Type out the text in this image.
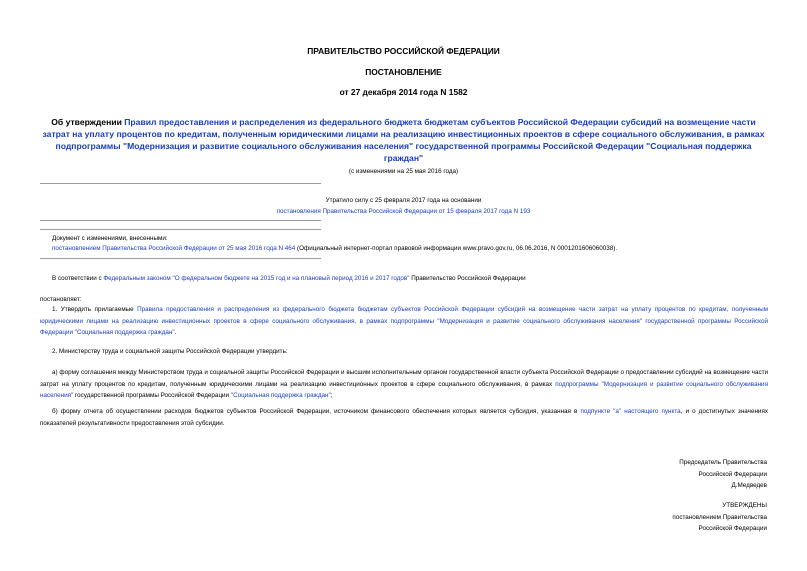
ПРАВИТЕЛЬСТВО РОССИЙСКОЙ ФЕДЕРАЦИИ
ПОСТАНОВЛЕНИЕ
от 27 декабря 2014 года N 1582
Об утверждении Правил предоставления и распределения из федерального бюджета бюджетам субъектов Российской Федерации субсидий на возмещение части затрат на уплату процентов по кредитам, полученным юридическими лицами на реализацию инвестиционных проектов в сфере социального обслуживания, в рамках подпрограммы "Модернизация и развитие социального обслуживания населения" государственной программы Российской Федерации "Социальная поддержка граждан"
(с изменениями на 25 мая 2016 года)
Утратило силу с 25 февраля 2017 года на основании
постановления Правительства Российской Федерации от 15 февраля 2017 года N 193
Документ с изменениями, внесенными:
постановлением Правительства Российской Федерации от 25 мая 2016 года N 464 (Официальный интернет-портал правовой информации www.pravo.gov.ru, 06.06.2016, N 0001201606060038).
В соответствии с Федеральным законом "О федеральном бюджете на 2015 год и на плановый период 2016 и 2017 годов" Правительство Российской Федерации
постановляет:
1. Утвердить прилагаемые Правила предоставления и распределения из федерального бюджета бюджетам субъектов Российской Федерации субсидий на возмещение части затрат на уплату процентов по кредитам, полученным юридическими лицами на реализацию инвестиционных проектов в сфере социального обслуживания, в рамках подпрограммы "Модернизация и развитие социального обслуживания населения" государственной программы Российской Федерации "Социальная поддержка граждан".
2. Министерству труда и социальной защиты Российской Федерации утвердить:
а) форму соглашения между Министерством труда и социальной защиты Российской Федерации и высшим исполнительным органом государственной власти субъекта Российской Федерации о предоставлении субсидий на возмещение части затрат на уплату процентов по кредитам, полученным юридическими лицами на реализацию инвестиционных проектов в сфере социального обслуживания, в рамках подпрограммы "Модернизация и развитие социального обслуживания населения" государственной программы Российской Федерации "Социальная поддержка граждан";
б) форму отчета об осуществлении расходов бюджетов субъектов Российской Федерации, источником финансового обеспечения которых является субсидия, указанная в подпункте "а" настоящего пункта, и о достигнутых значениях показателей результативности предоставления этой субсидии.
Председатель Правительства
Российской Федерации
Д.Медведев
УТВЕРЖДЕНЫ
постановлением Правительства
Российской Федерации
